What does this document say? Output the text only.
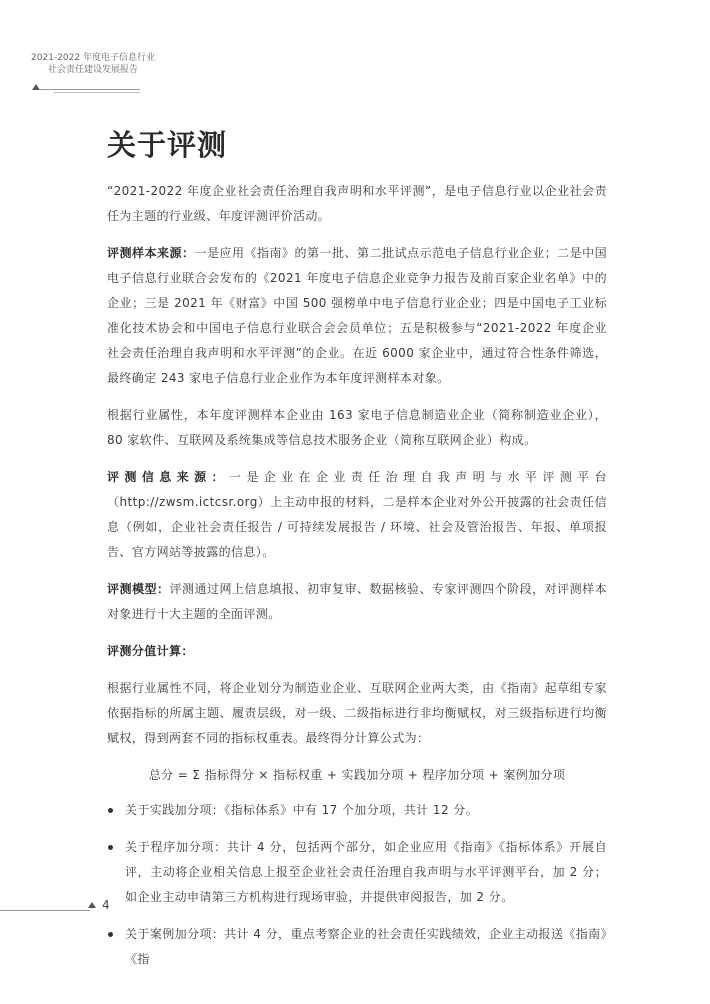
2021-2022 年度电子信息行业
社会责任建设发展报告
关于评测

“2021-2022 年度企业社会责任治理自我声明和水平评测”，是电子信息行业以企业社会责任为主题的行业级、年度评测评价活动。

评测样本来源：一是应用《指南》的第一批、第二批试点示范电子信息行业企业；二是中国电子信息行业联合会发布的《2021 年度电子信息企业竞争力报告及前百家企业名单》中的企业；三是 2021 年《财富》中国 500 强榜单中电子信息行业企业；四是中国电子工业标准化技术协会和中国电子信息行业联合会会员单位；五是积极参与“2021-2022 年度企业社会责任治理自我声明和水平评测”的企业。在近 6000 家企业中，通过符合性条件筛选，最终确定 243 家电子信息行业企业作为本年度评测样本对象。

根据行业属性，本年度评测样本企业由 163 家电子信息制造业企业（简称制造业企业），80 家软件、互联网及系统集成等信息技术服务企业（简称互联网企业）构成。

评测信息来源：一是企业在企业责任治理自我声明与水平评测平台（http://zwsm.ictcsr.org）上主动申报的材料，二是样本企业对外公开披露的社会责任信息（例如，企业社会责任报告 / 可持续发展报告 / 环境、社会及管治报告、年报、单项报告、官方网站等披露的信息）。

评测模型：评测通过网上信息填报、初审复审、数据核验、专家评测四个阶段，对评测样本对象进行十大主题的全面评测。

评测分值计算：

根据行业属性不同，将企业划分为制造业企业、互联网企业两大类，由《指南》起草组专家依据指标的所属主题、履责层级，对一级、二级指标进行非均衡赋权，对三级指标进行均衡赋权，得到两套不同的指标权重表。最终得分计算公式为：

总分 = Σ 指标得分 × 指标权重 + 实践加分项 + 程序加分项 + 案例加分项

关于实践加分项：《指标体系》中有 17 个加分项，共计 12 分。
关于程序加分项：共计 4 分，包括两个部分，如企业应用《指南》《指标体系》开展自评，主动将企业相关信息上报至企业社会责任治理自我声明与水平评测平台，加 2 分；如企业主动申请第三方机构进行现场审验，并提供审阅报告，加 2 分。
关于案例加分项：共计 4 分，重点考察企业的社会责任实践绩效，企业主动报送《指南》《指
4
